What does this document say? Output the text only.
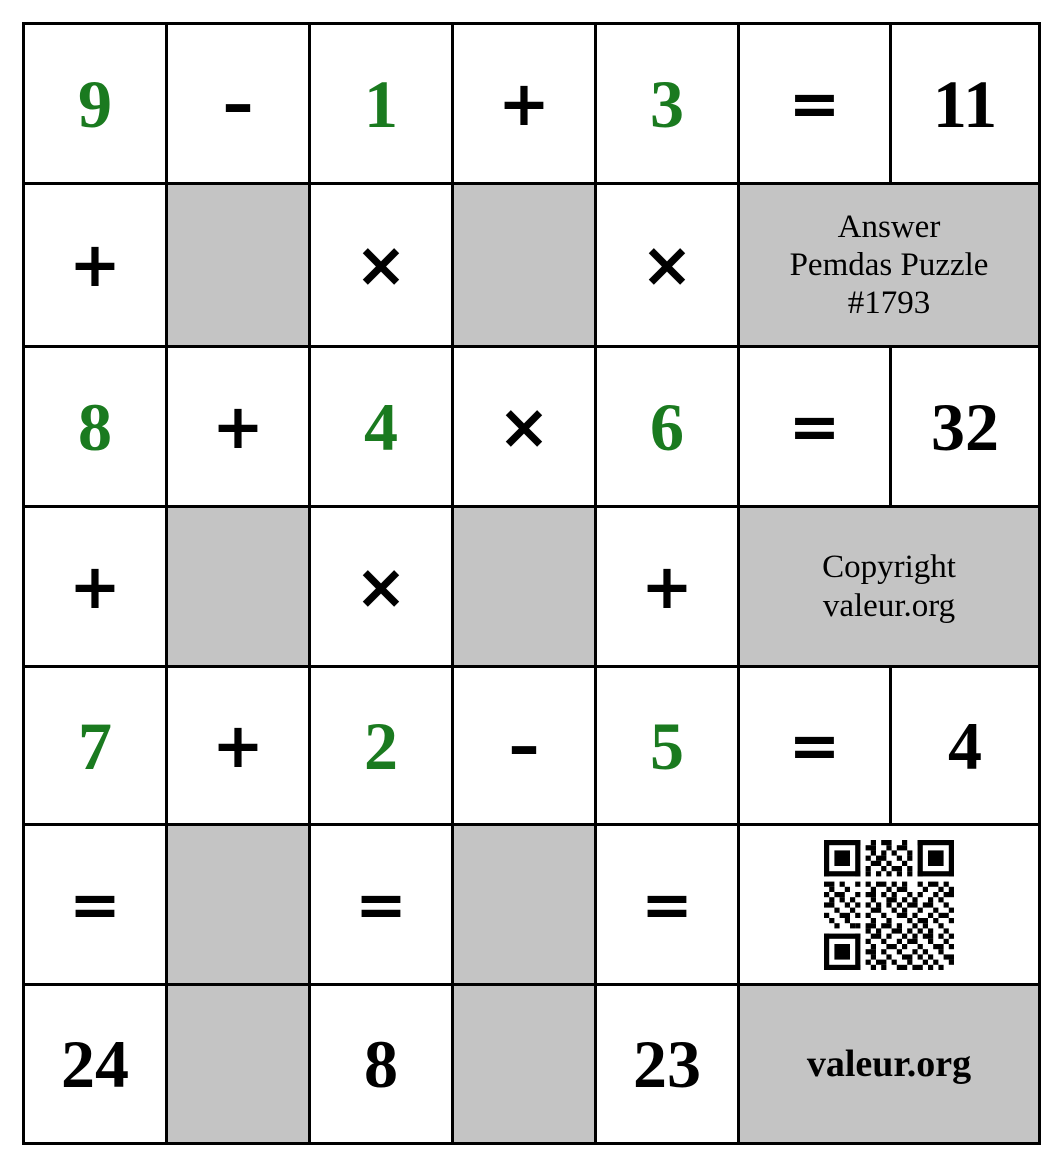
9	–	1	+	3	=	11
+		×		×	Answer
Pemdas Puzzle
#1793	

8	+	4	×	6	=	32
+		×		+	Copyright
valeur.org	

7	+	2	–	5	=	4
=		=		=	

24		8		23	valeur.org	
